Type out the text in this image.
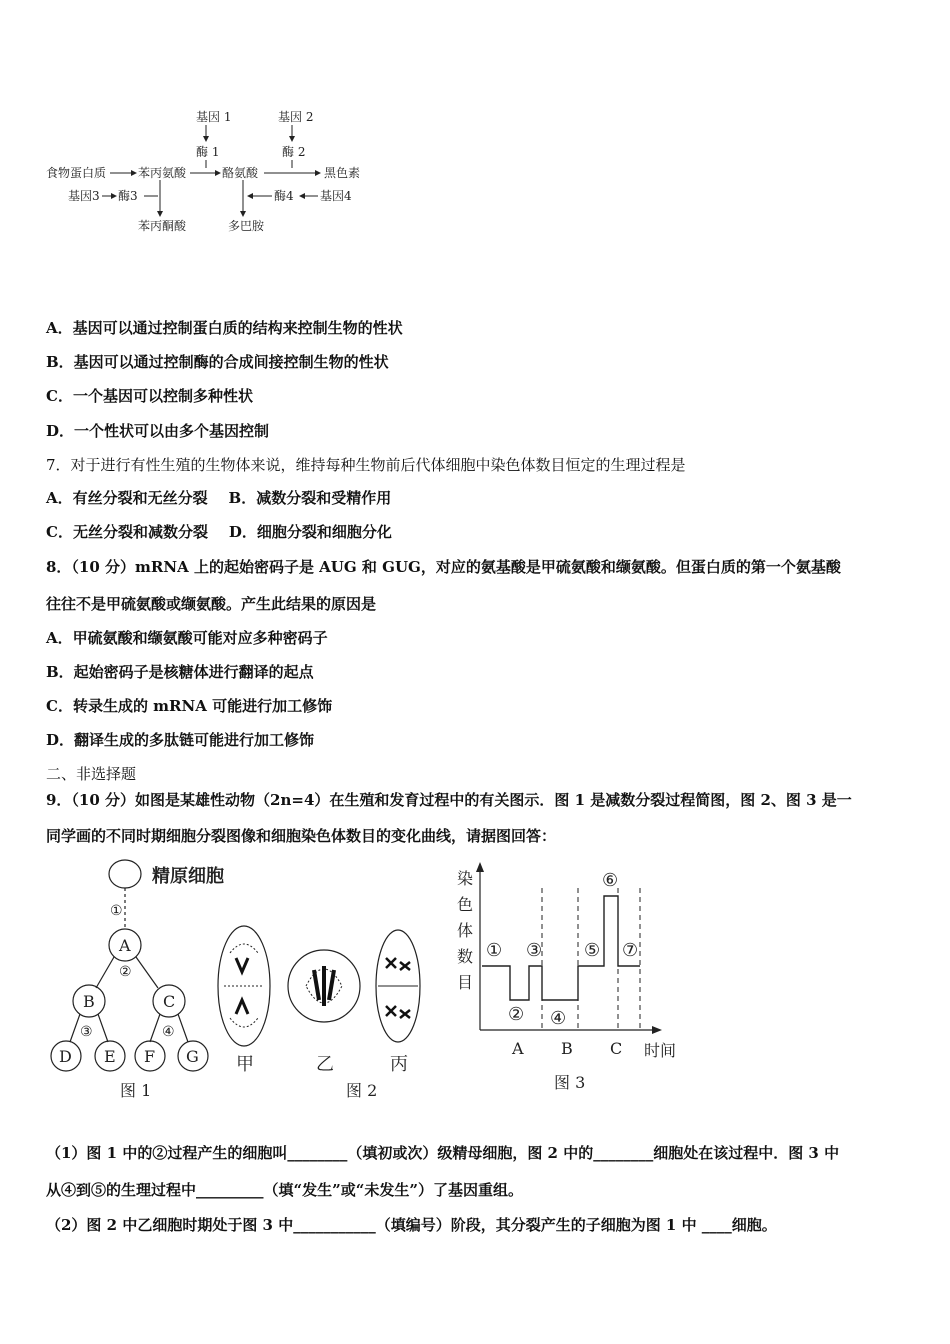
基因 1	基因 2
酶 1	酶 2
食物蛋白质	苯丙氨酸	酪氨酸	黑色素
基因3 酶3	酶4 基因4
苯丙酮酸	多巴胺
A．基因可以通过控制蛋白质的结构来控制生物的性状
B．基因可以通过控制酶的合成间接控制生物的性状
C．一个基因可以控制多种性状
D．一个性状可以由多个基因控制
7．对于进行有性生殖的生物体来说，维持每种生物前后代体细胞中染色体数目恒定的生理过程是
A．有丝分裂和无丝分裂    B．减数分裂和受精作用
C．无丝分裂和减数分裂    D．细胞分裂和细胞分化
8．（10 分）mRNA 上的起始密码子是 AUG 和 GUG，对应的氨基酸是甲硫氨酸和缬氨酸。但蛋白质的第一个氨基酸
往往不是甲硫氨酸或缬氨酸。产生此结果的原因是
A．甲硫氨酸和缬氨酸可能对应多种密码子
B．起始密码子是核糖体进行翻译的起点
C．转录生成的 mRNA 可能进行加工修饰
D．翻译生成的多肽链可能进行加工修饰
二、非选择题
9．（10 分）如图是某雄性动物（2n=4）在生殖和发育过程中的有关图示．图 1 是减数分裂过程简图，图 2、图 3 是一
同学画的不同时期细胞分裂图像和细胞染色体数目的变化曲线，请据图回答：
精原细胞
①
A
②
B	C
③	④
D E F G
图 1
甲	乙	丙
图 2
染
色
体
数
目
①
②
③
④
⑤
⑥
⑦
A B C 时间
图 3
（1）图 1 中的②过程产生的细胞叫________（填初或次）级精母细胞，图 2 中的________细胞处在该过程中．图 3 中
从④到⑤的生理过程中_________（填“发生”或“未发生”）了基因重组。
（2）图 2 中乙细胞时期处于图 3 中___________（填编号）阶段，其分裂产生的子细胞为图 1 中 ____细胞。
